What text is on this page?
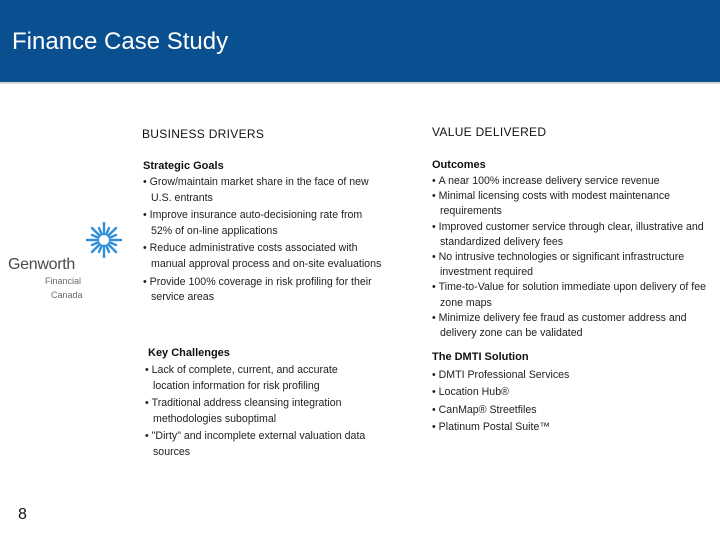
Finance Case Study
Genworth
Financial
Canada
BUSINESS DRIVERS	VALUE DELIVERED
Strategic Goals
• Grow/maintain market share in the face of new U.S. entrants
• Improve insurance auto-decisioning rate from 52% of on-line applications
• Reduce administrative costs associated with manual approval process and on-site evaluations
• Provide 100% coverage in risk profiling for their service areas
Key Challenges
• Lack of complete, current, and accurate location information for risk profiling
• Traditional address cleansing integration methodologies suboptimal
• "Dirty" and incomplete external valuation data sources
Outcomes
• A near 100% increase delivery service revenue
• Minimal licensing costs with modest maintenance requirements
• Improved customer service through clear, illustrative and standardized delivery fees
• No intrusive technologies or significant infrastructure investment required
• Time-to-Value for solution immediate upon delivery of fee zone maps
• Minimize delivery fee fraud as customer address and delivery zone can be validated
The DMTI Solution
• DMTI Professional Services
• Location Hub®
• CanMap® Streetfiles
• Platinum Postal Suite™
8
